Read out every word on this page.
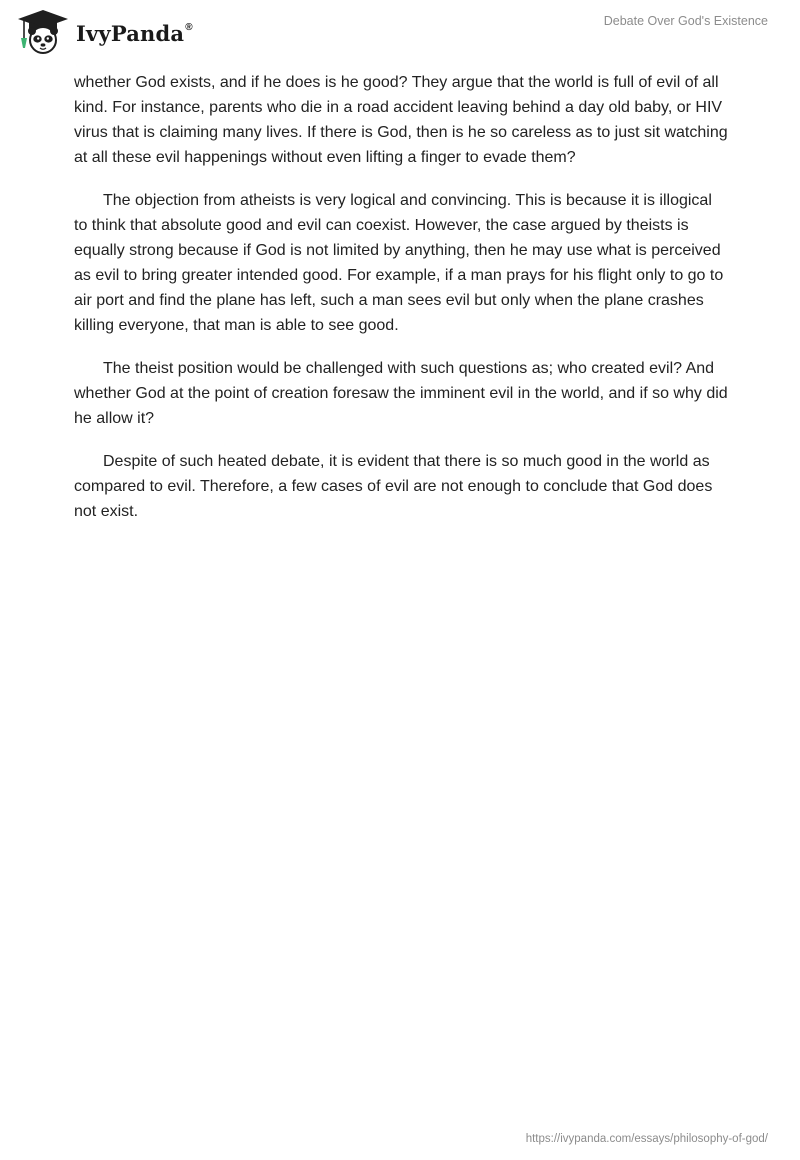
IvyPanda®	Debate Over God's Existence

whether God exists, and if he does is he good? They argue that the world is full of evil of all kind. For instance, parents who die in a road accident leaving behind a day old baby, or HIV virus that is claiming many lives. If there is God, then is he so careless as to just sit watching at all these evil happenings without even lifting a finger to evade them?

The objection from atheists is very logical and convincing. This is because it is illogical to think that absolute good and evil can coexist. However, the case argued by theists is equally strong because if God is not limited by anything, then he may use what is perceived as evil to bring greater intended good. For example, if a man prays for his flight only to go to air port and find the plane has left, such a man sees evil but only when the plane crashes killing everyone, that man is able to see good.

The theist position would be challenged with such questions as; who created evil? And whether God at the point of creation foresaw the imminent evil in the world, and if so why did he allow it?

Despite of such heated debate, it is evident that there is so much good in the world as compared to evil. Therefore, a few cases of evil are not enough to conclude that God does not exist.

https://ivypanda.com/essays/philosophy-of-god/
